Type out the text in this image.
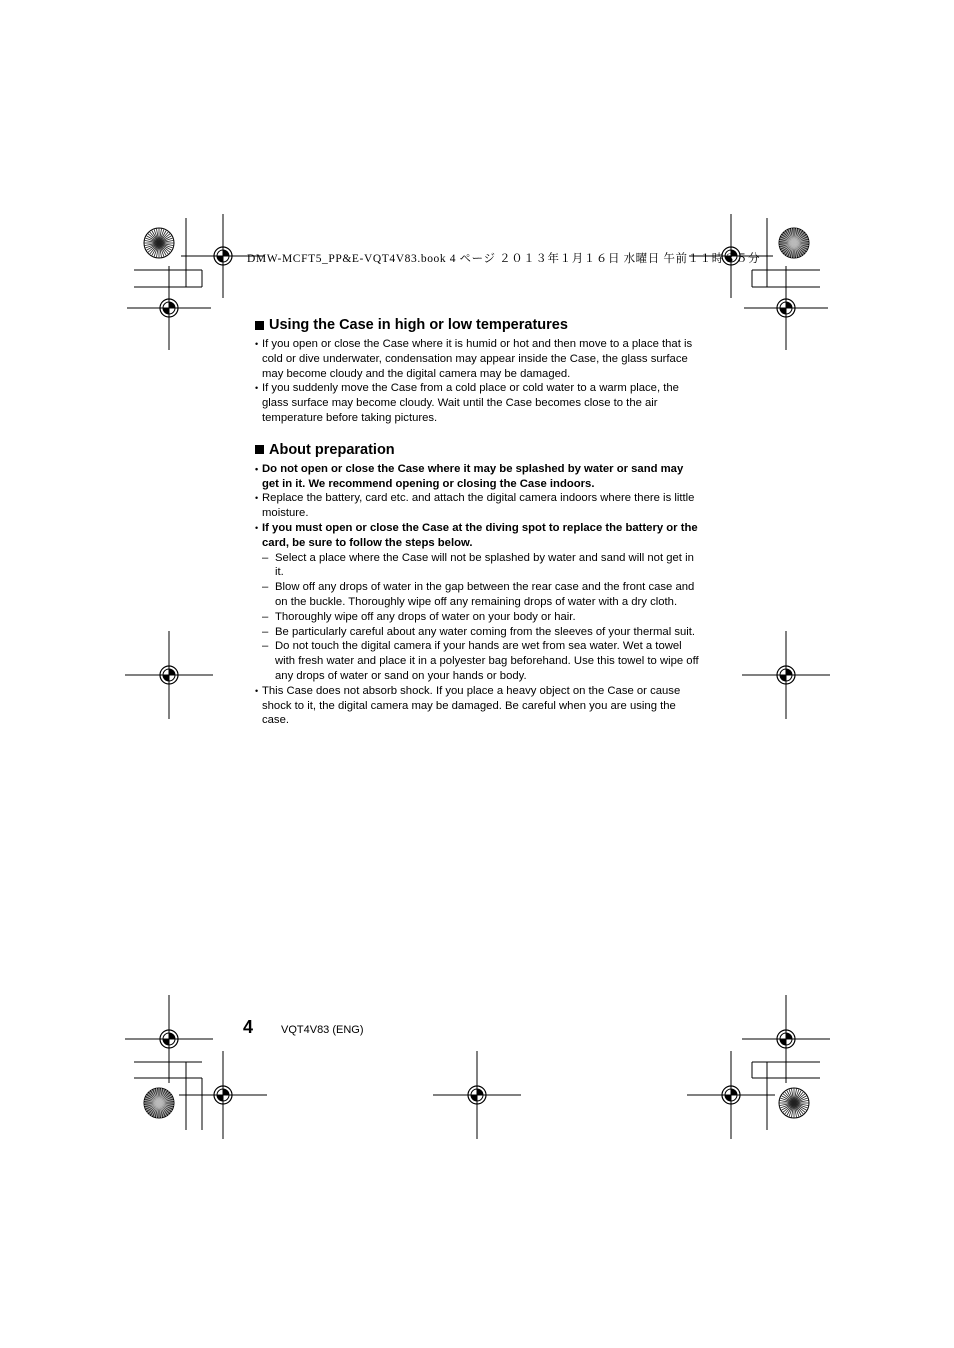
DMW-MCFT5_PP&E-VQT4V83.book 4 ページ ２０１３年１月１６日 水曜日 午前１１時３５分
Using the Case in high or low temperatures
• If you open or close the Case where it is humid or hot and then move to a place that is cold or dive underwater, condensation may appear inside the Case, the glass surface may become cloudy and the digital camera may be damaged.
• If you suddenly move the Case from a cold place or cold water to a warm place, the glass surface may become cloudy. Wait until the Case becomes close to the air temperature before taking pictures.
About preparation
• Do not open or close the Case where it may be splashed by water or sand may get in it. We recommend opening or closing the Case indoors.
• Replace the battery, card etc. and attach the digital camera indoors where there is little moisture.
• If you must open or close the Case at the diving spot to replace the battery or the card, be sure to follow the steps below.
– Select a place where the Case will not be splashed by water and sand will not get in it.
– Blow off any drops of water in the gap between the rear case and the front case and on the buckle. Thoroughly wipe off any remaining drops of water with a dry cloth.
– Thoroughly wipe off any drops of water on your body or hair.
– Be particularly careful about any water coming from the sleeves of your thermal suit.
– Do not touch the digital camera if your hands are wet from sea water. Wet a towel with fresh water and place it in a polyester bag beforehand. Use this towel to wipe off any drops of water or sand on your hands or body.
• This Case does not absorb shock. If you place a heavy object on the Case or cause shock to it, the digital camera may be damaged. Be careful when you are using the case.
4	VQT4V83 (ENG)
